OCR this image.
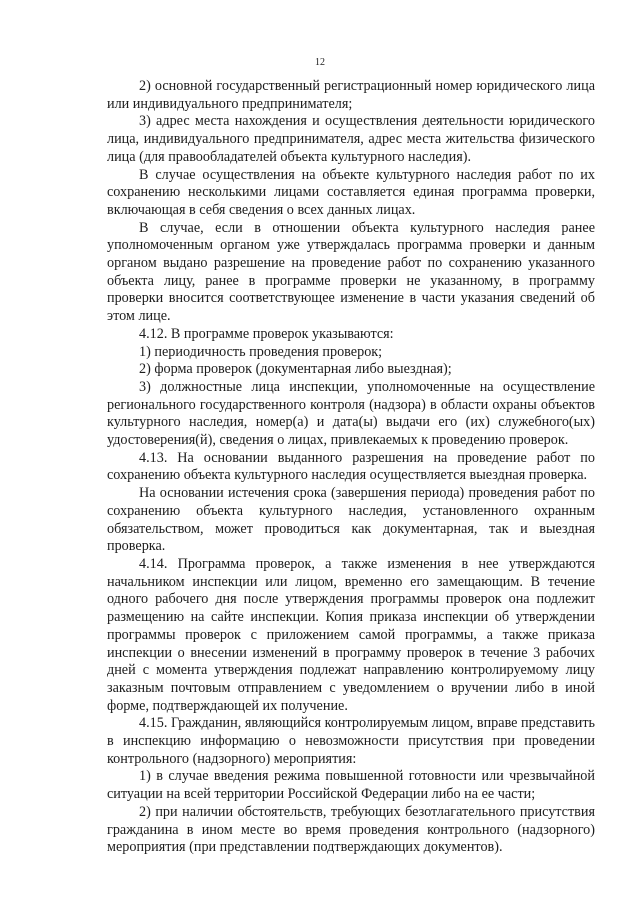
12

2) основной государственный регистрационный номер юридического лица или индивидуального предпринимателя;

3) адрес места нахождения и осуществления деятельности юридического лица, индивидуального предпринимателя, адрес места жительства физического лица (для правообладателей объекта культурного наследия).

В случае осуществления на объекте культурного наследия работ по их сохранению несколькими лицами составляется единая программа проверки, включающая в себя сведения о всех данных лицах.

В случае, если в отношении объекта культурного наследия ранее уполномоченным органом уже утверждалась программа проверки и данным органом выдано разрешение на проведение работ по сохранению указанного объекта лицу, ранее в программе проверки не указанному, в программу проверки вносится соответствующее изменение в части указания сведений об этом лице.

4.12. В программе проверок указываются:

1) периодичность проведения проверок;

2) форма проверок (документарная либо выездная);

3) должностные лица инспекции, уполномоченные на осуществление регионального государственного контроля (надзора) в области охраны объектов культурного наследия, номер(а) и дата(ы) выдачи его (их) служебного(ых) удостоверения(й), сведения о лицах, привлекаемых к проведению проверок.

4.13. На основании выданного разрешения на проведение работ по сохранению объекта культурного наследия осуществляется выездная проверка.

На основании истечения срока (завершения периода) проведения работ по сохранению объекта культурного наследия, установленного охранным обязательством, может проводиться как документарная, так и выездная проверка.

4.14. Программа проверок, а также изменения в нее утверждаются начальником инспекции или лицом, временно его замещающим. В течение одного рабочего дня после утверждения программы проверок она подлежит размещению на сайте инспекции. Копия приказа инспекции об утверждении программы проверок с приложением самой программы, а также приказа инспекции о внесении изменений в программу проверок в течение 3 рабочих дней с момента утверждения подлежат направлению контролируемому лицу заказным почтовым отправлением с уведомлением о вручении либо в иной форме, подтверждающей их получение.

4.15. Гражданин, являющийся контролируемым лицом, вправе представить в инспекцию информацию о невозможности присутствия при проведении контрольного (надзорного) мероприятия:

1) в случае введения режима повышенной готовности или чрезвычайной ситуации на всей территории Российской Федерации либо на ее части;

2) при наличии обстоятельств, требующих безотлагательного присутствия гражданина в ином месте во время проведения контрольного (надзорного) мероприятия (при представлении подтверждающих документов).
